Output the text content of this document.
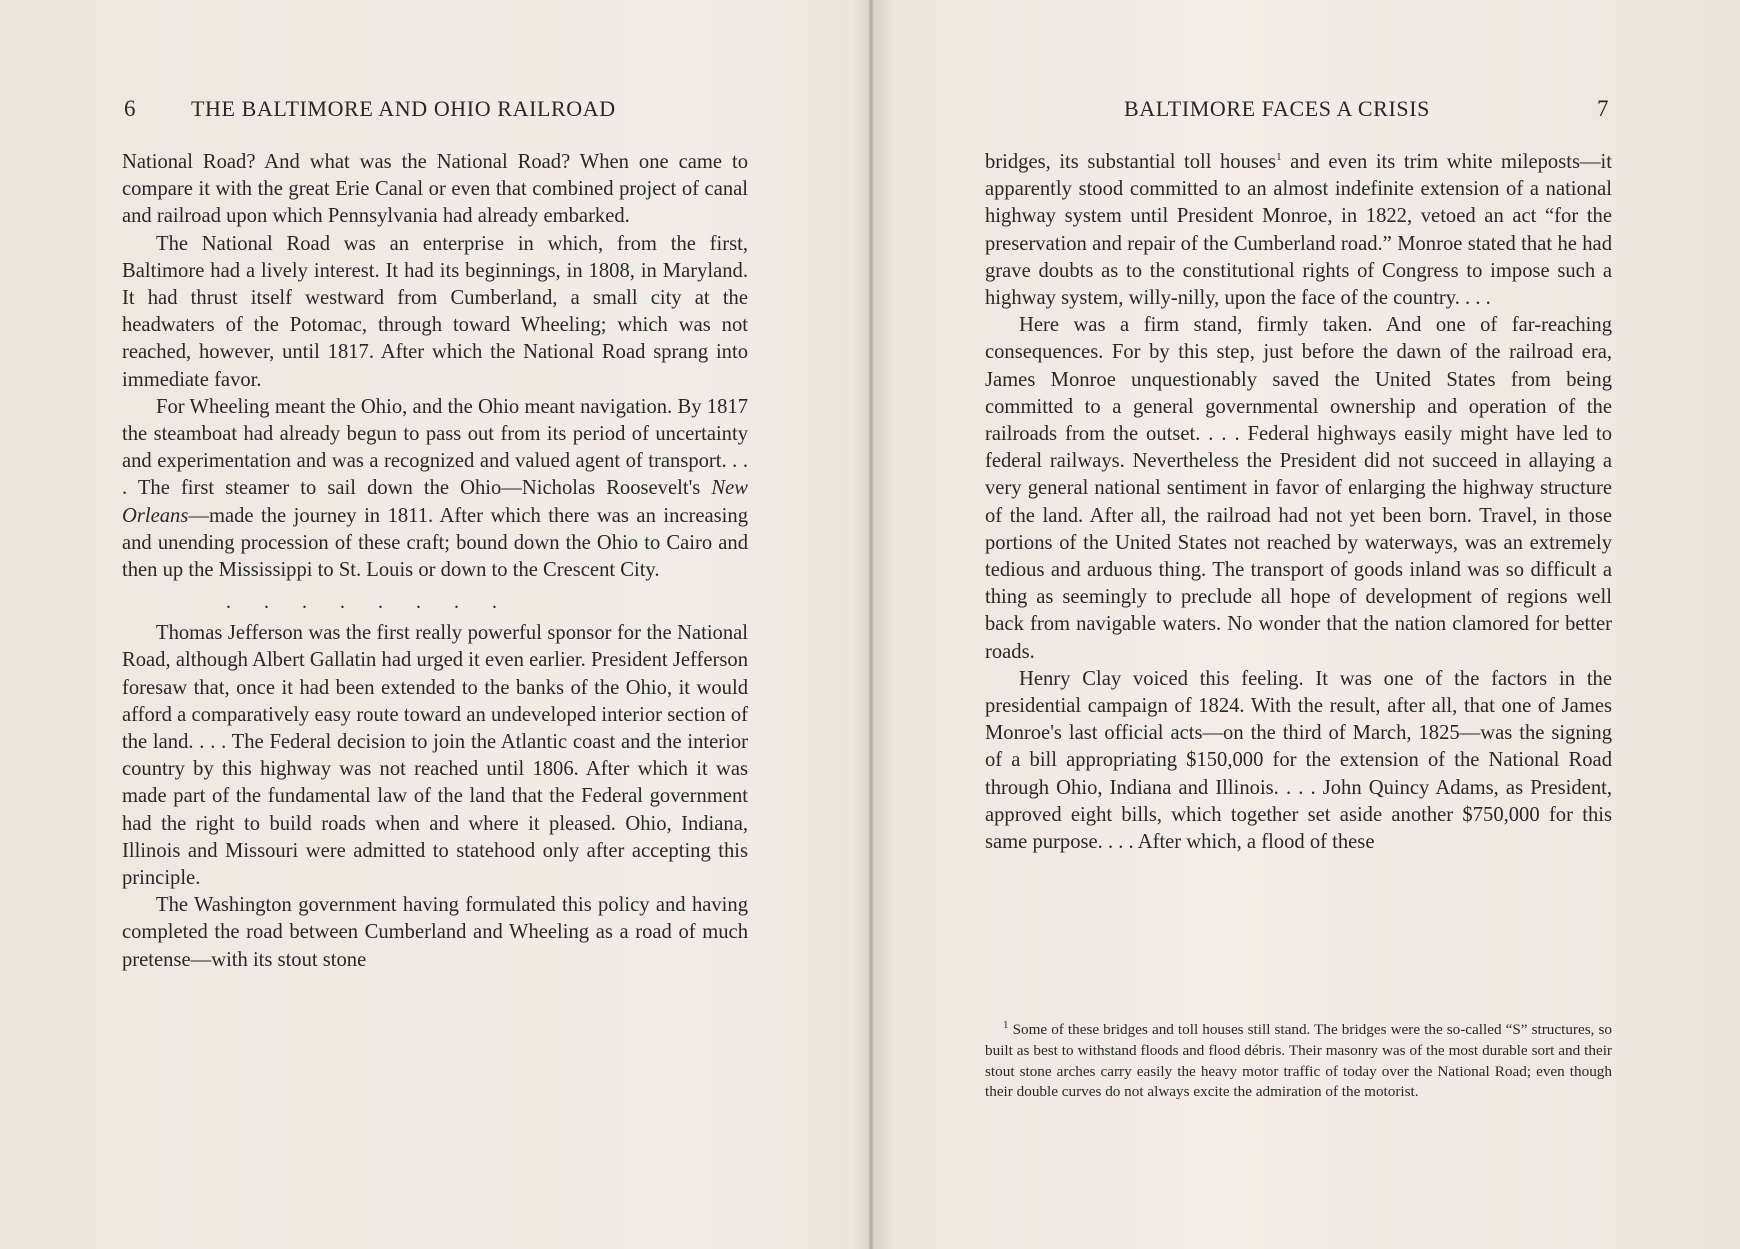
6	THE BALTIMORE AND OHIO RAILROAD

National Road? And what was the National Road? When one came to compare it with the great Erie Canal or even that combined project of canal and railroad upon which Pennsylvania had already embarked.

The National Road was an enterprise in which, from the first, Baltimore had a lively interest. It had its beginnings, in 1808, in Maryland. It had thrust itself westward from Cumberland, a small city at the headwaters of the Potomac, through toward Wheeling; which was not reached, however, until 1817. After which the National Road sprang into immediate favor.

For Wheeling meant the Ohio, and the Ohio meant navigation. By 1817 the steamboat had already begun to pass out from its period of uncertainty and experimentation and was a recognized and valued agent of transport. . . . The first steamer to sail down the Ohio—Nicholas Roosevelt's New Orleans—made the journey in 1811. After which there was an increasing and unending procession of these craft; bound down the Ohio to Cairo and then up the Mississippi to St. Louis or down to the Crescent City.

. . . . . . . .

Thomas Jefferson was the first really powerful sponsor for the National Road, although Albert Gallatin had urged it even earlier. President Jefferson foresaw that, once it had been extended to the banks of the Ohio, it would afford a comparatively easy route toward an undeveloped interior section of the land. . . . The Federal decision to join the Atlantic coast and the interior country by this highway was not reached until 1806. After which it was made part of the fundamental law of the land that the Federal government had the right to build roads when and where it pleased. Ohio, Indiana, Illinois and Missouri were admitted to statehood only after accepting this principle.

The Washington government having formulated this policy and having completed the road between Cumberland and Wheeling as a road of much pretense—with its stout stone

BALTIMORE FACES A CRISIS	7

bridges, its substantial toll houses$^1$ and even its trim white mileposts—it apparently stood committed to an almost indefinite extension of a national highway system until President Monroe, in 1822, vetoed an act “for the preservation and repair of the Cumberland road.” Monroe stated that he had grave doubts as to the constitutional rights of Congress to impose such a highway system, willy-nilly, upon the face of the country. . . .

Here was a firm stand, firmly taken. And one of far-reaching consequences. For by this step, just before the dawn of the railroad era, James Monroe unquestionably saved the United States from being committed to a general governmental ownership and operation of the railroads from the outset. . . . Federal highways easily might have led to federal railways. Nevertheless the President did not succeed in allaying a very general national sentiment in favor of enlarging the highway structure of the land. After all, the railroad had not yet been born. Travel, in those portions of the United States not reached by waterways, was an extremely tedious and arduous thing. The transport of goods inland was so difficult a thing as seemingly to preclude all hope of development of regions well back from navigable waters. No wonder that the nation clamored for better roads.

Henry Clay voiced this feeling. It was one of the factors in the presidential campaign of 1824. With the result, after all, that one of James Monroe's last official acts—on the third of March, 1825—was the signing of a bill appropriating $150,000 for the extension of the National Road through Ohio, Indiana and Illinois. . . . John Quincy Adams, as President, approved eight bills, which together set aside another $750,000 for this same purpose. . . . After which, a flood of these

$^1$ Some of these bridges and toll houses still stand. The bridges were the so-called “S” structures, so built as best to withstand floods and flood débris. Their masonry was of the most durable sort and their stout stone arches carry easily the heavy motor traffic of today over the National Road; even though their double curves do not always excite the admiration of the motorist.
